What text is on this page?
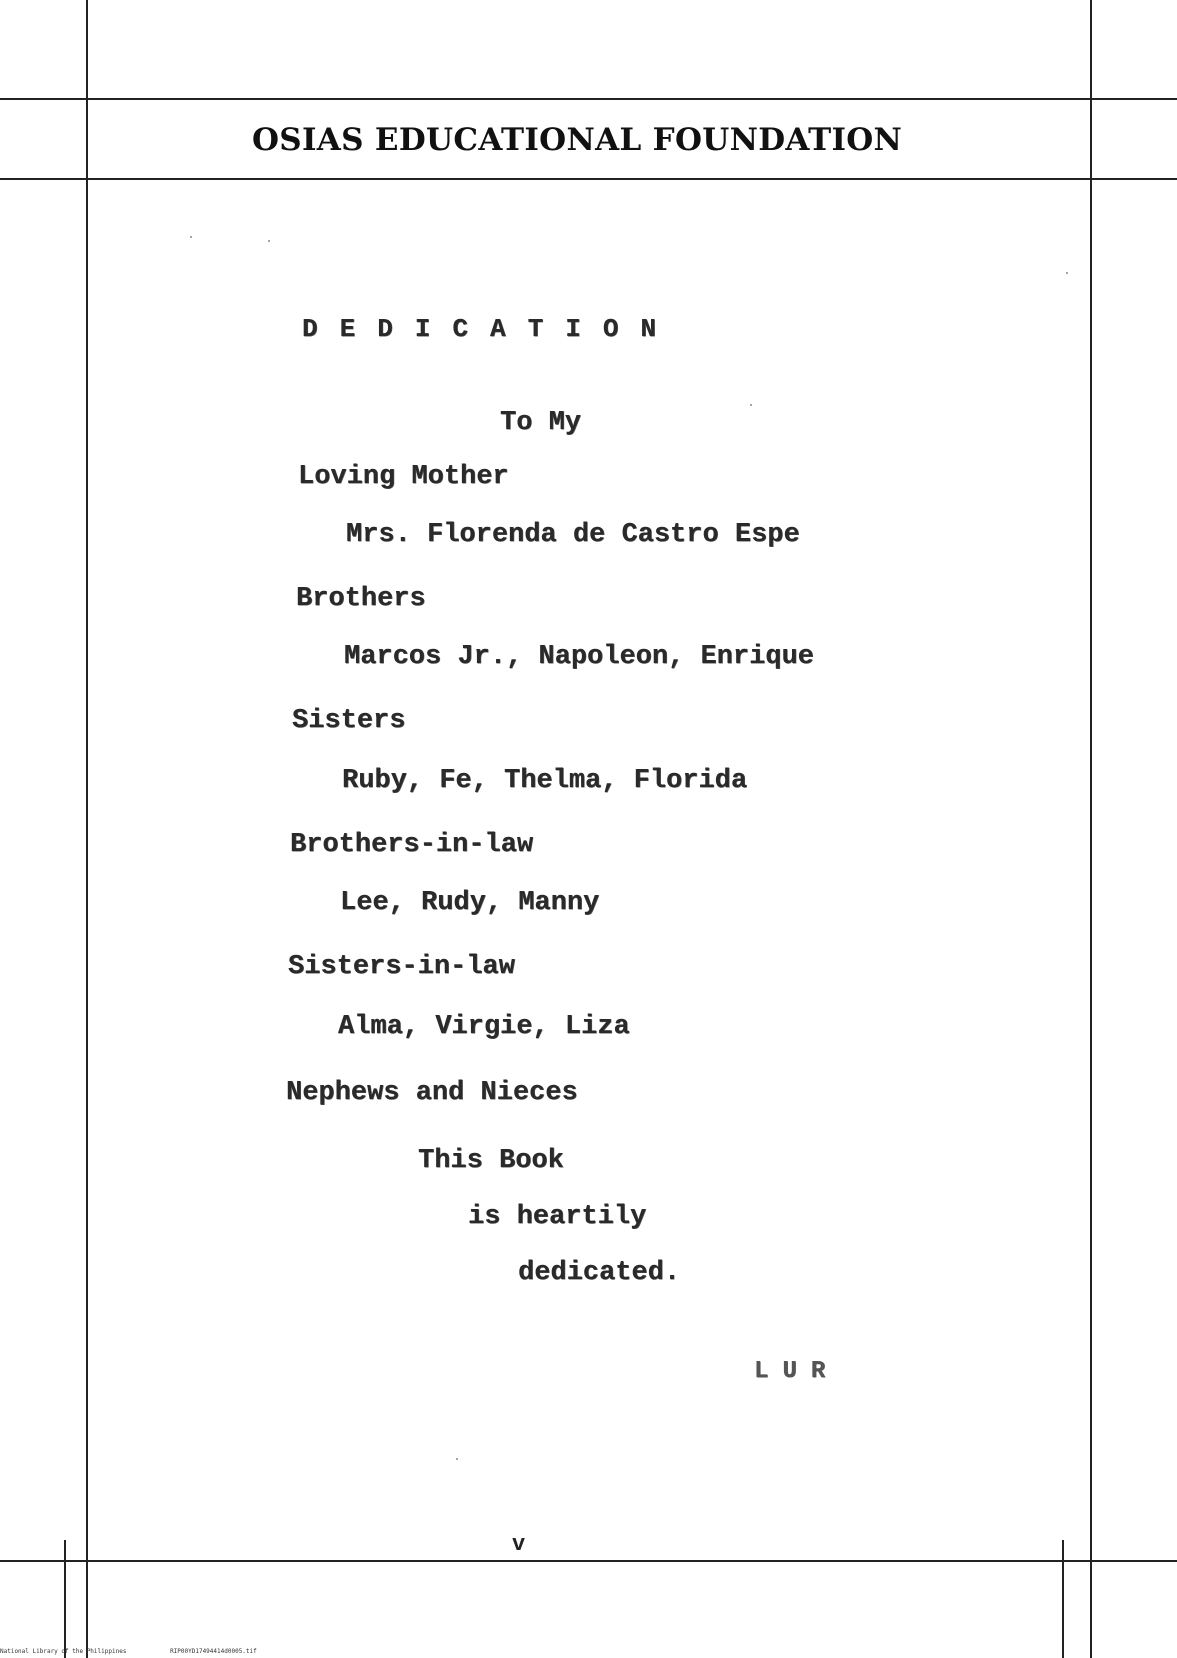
OSIAS EDUCATIONAL FOUNDATION
DEDICATION
To My
Loving Mother
Mrs. Florenda de Castro Espe
Brothers
Marcos Jr., Napoleon, Enrique
Sisters
Ruby, Fe, Thelma, Florida
Brothers-in-law
Lee, Rudy, Manny
Sisters-in-law
Alma, Virgie, Liza
Nephews and Nieces
This Book
is heartily
dedicated.
LUR
v
National Library of the Philippines	RIP00YD17494414d0005.tif
